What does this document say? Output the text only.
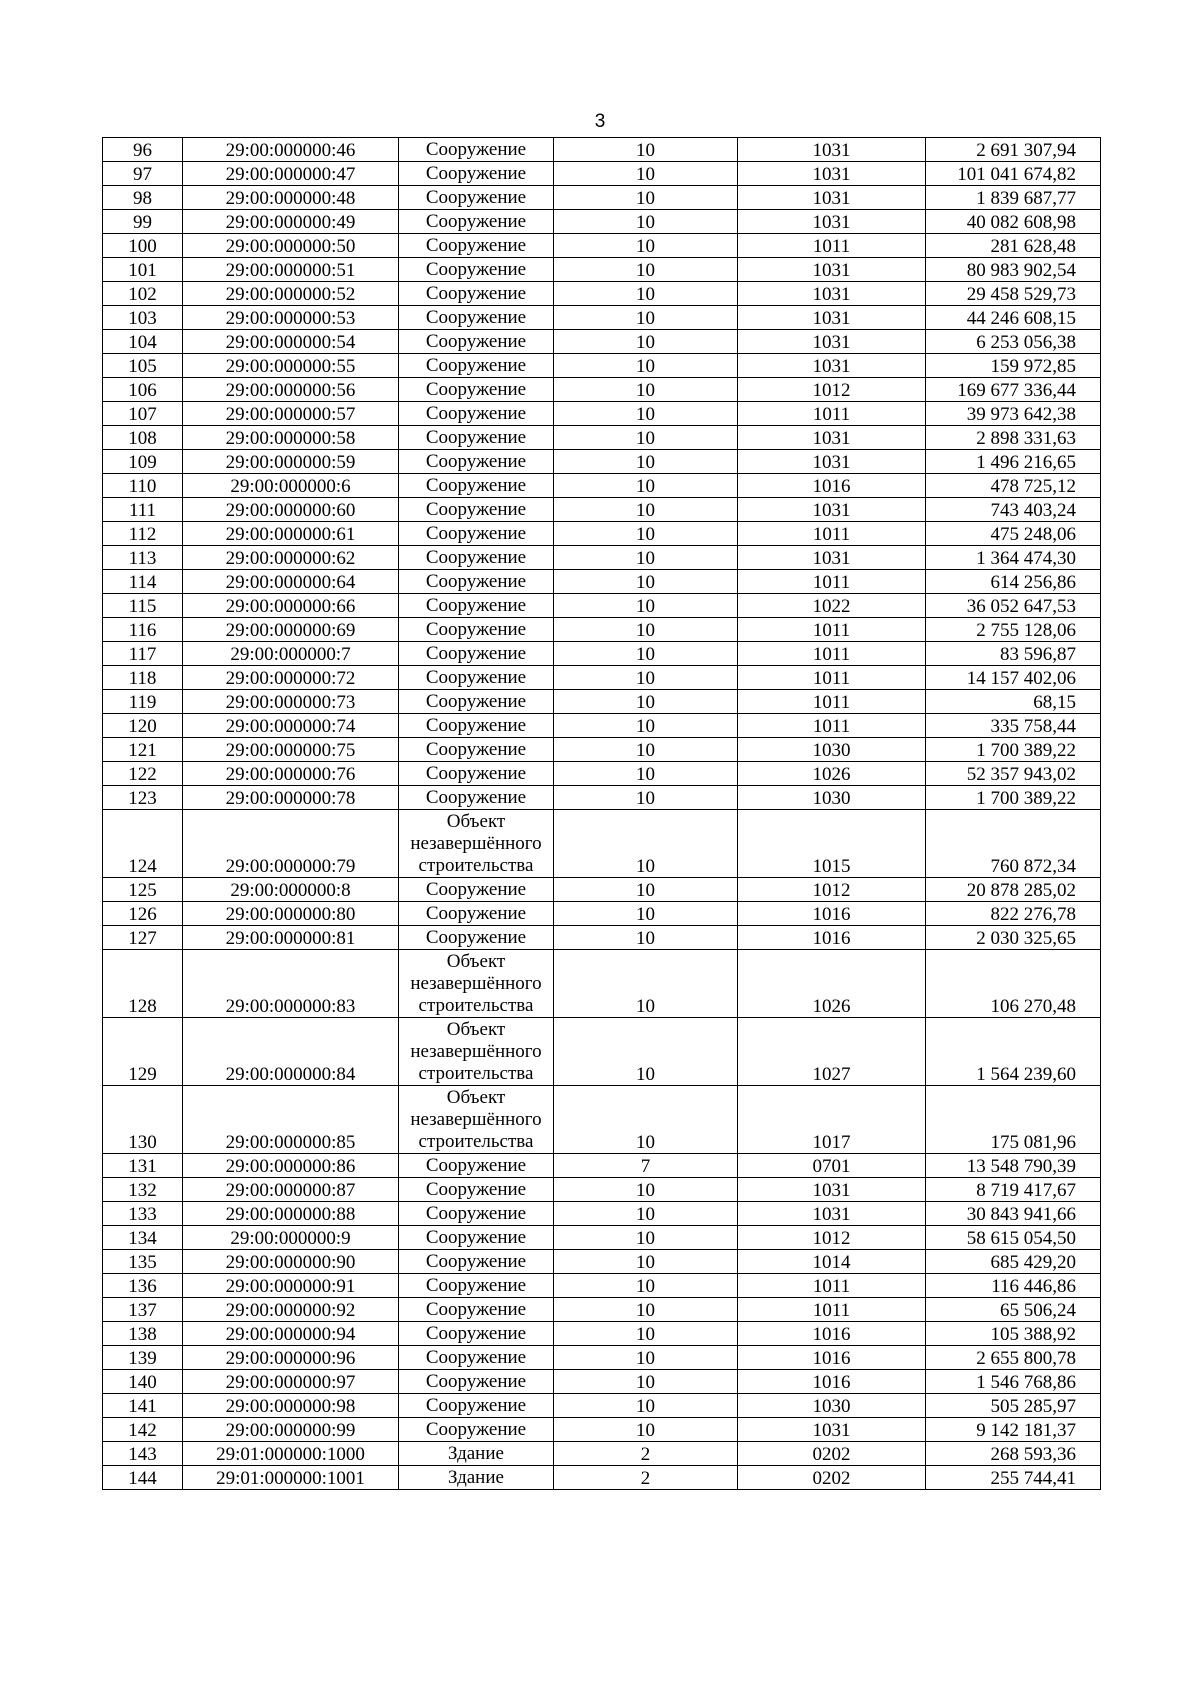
3
96	29:00:000000:46	Сооружение	10	1031	2 691 307,94
97	29:00:000000:47	Сооружение	10	1031	101 041 674,82
98	29:00:000000:48	Сооружение	10	1031	1 839 687,77
99	29:00:000000:49	Сооружение	10	1031	40 082 608,98
100	29:00:000000:50	Сооружение	10	1011	281 628,48
101	29:00:000000:51	Сооружение	10	1031	80 983 902,54
102	29:00:000000:52	Сооружение	10	1031	29 458 529,73
103	29:00:000000:53	Сооружение	10	1031	44 246 608,15
104	29:00:000000:54	Сооружение	10	1031	6 253 056,38
105	29:00:000000:55	Сооружение	10	1031	159 972,85
106	29:00:000000:56	Сооружение	10	1012	169 677 336,44
107	29:00:000000:57	Сооружение	10	1011	39 973 642,38
108	29:00:000000:58	Сооружение	10	1031	2 898 331,63
109	29:00:000000:59	Сооружение	10	1031	1 496 216,65
110	29:00:000000:6	Сооружение	10	1016	478 725,12
111	29:00:000000:60	Сооружение	10	1031	743 403,24
112	29:00:000000:61	Сооружение	10	1011	475 248,06
113	29:00:000000:62	Сооружение	10	1031	1 364 474,30
114	29:00:000000:64	Сооружение	10	1011	614 256,86
115	29:00:000000:66	Сооружение	10	1022	36 052 647,53
116	29:00:000000:69	Сооружение	10	1011	2 755 128,06
117	29:00:000000:7	Сооружение	10	1011	83 596,87
118	29:00:000000:72	Сооружение	10	1011	14 157 402,06
119	29:00:000000:73	Сооружение	10	1011	68,15
120	29:00:000000:74	Сооружение	10	1011	335 758,44
121	29:00:000000:75	Сооружение	10	1030	1 700 389,22
122	29:00:000000:76	Сооружение	10	1026	52 357 943,02
123	29:00:000000:78	Сооружение	10	1030	1 700 389,22
124	29:00:000000:79	Объект незавершённого строительства	10	1015	760 872,34
125	29:00:000000:8	Сооружение	10	1012	20 878 285,02
126	29:00:000000:80	Сооружение	10	1016	822 276,78
127	29:00:000000:81	Сооружение	10	1016	2 030 325,65
128	29:00:000000:83	Объект незавершённого строительства	10	1026	106 270,48
129	29:00:000000:84	Объект незавершённого строительства	10	1027	1 564 239,60
130	29:00:000000:85	Объект незавершённого строительства	10	1017	175 081,96
131	29:00:000000:86	Сооружение	7	0701	13 548 790,39
132	29:00:000000:87	Сооружение	10	1031	8 719 417,67
133	29:00:000000:88	Сооружение	10	1031	30 843 941,66
134	29:00:000000:9	Сооружение	10	1012	58 615 054,50
135	29:00:000000:90	Сооружение	10	1014	685 429,20
136	29:00:000000:91	Сооружение	10	1011	116 446,86
137	29:00:000000:92	Сооружение	10	1011	65 506,24
138	29:00:000000:94	Сооружение	10	1016	105 388,92
139	29:00:000000:96	Сооружение	10	1016	2 655 800,78
140	29:00:000000:97	Сооружение	10	1016	1 546 768,86
141	29:00:000000:98	Сооружение	10	1030	505 285,97
142	29:00:000000:99	Сооружение	10	1031	9 142 181,37
143	29:01:000000:1000	Здание	2	0202	268 593,36
144	29:01:000000:1001	Здание	2	0202	255 744,41
